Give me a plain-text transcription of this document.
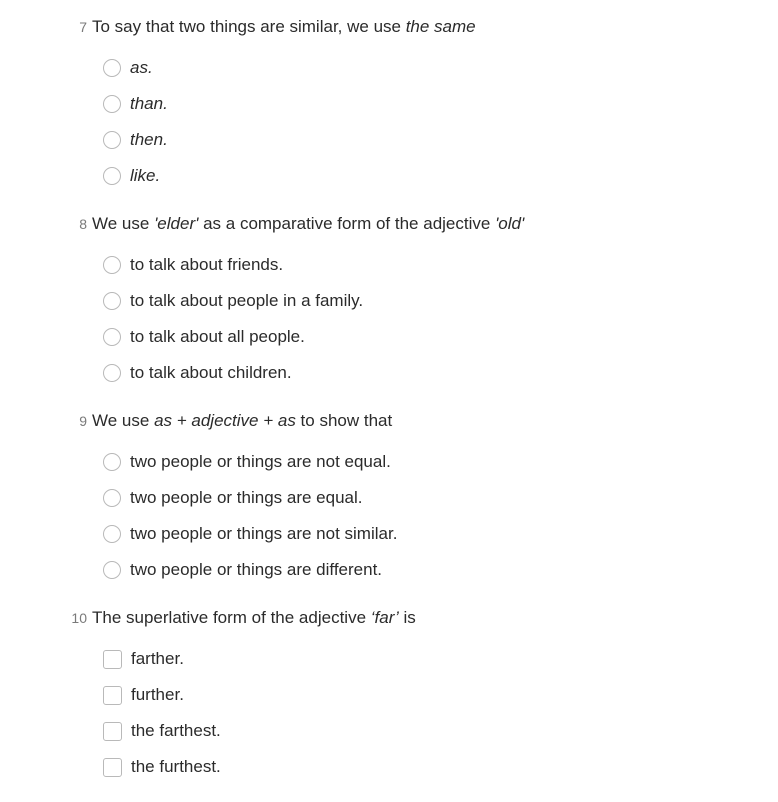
7 To say that two things are similar, we use the same
as.
than.
then.
like.
8 We use 'elder' as a comparative form of the adjective 'old'
to talk about friends.
to talk about people in a family.
to talk about all people.
to talk about children.
9 We use as + adjective + as to show that
two people or things are not equal.
two people or things are equal.
two people or things are not similar.
two people or things are different.
10 The superlative form of the adjective ‘far’ is
farther.
further.
the farthest.
the furthest.
